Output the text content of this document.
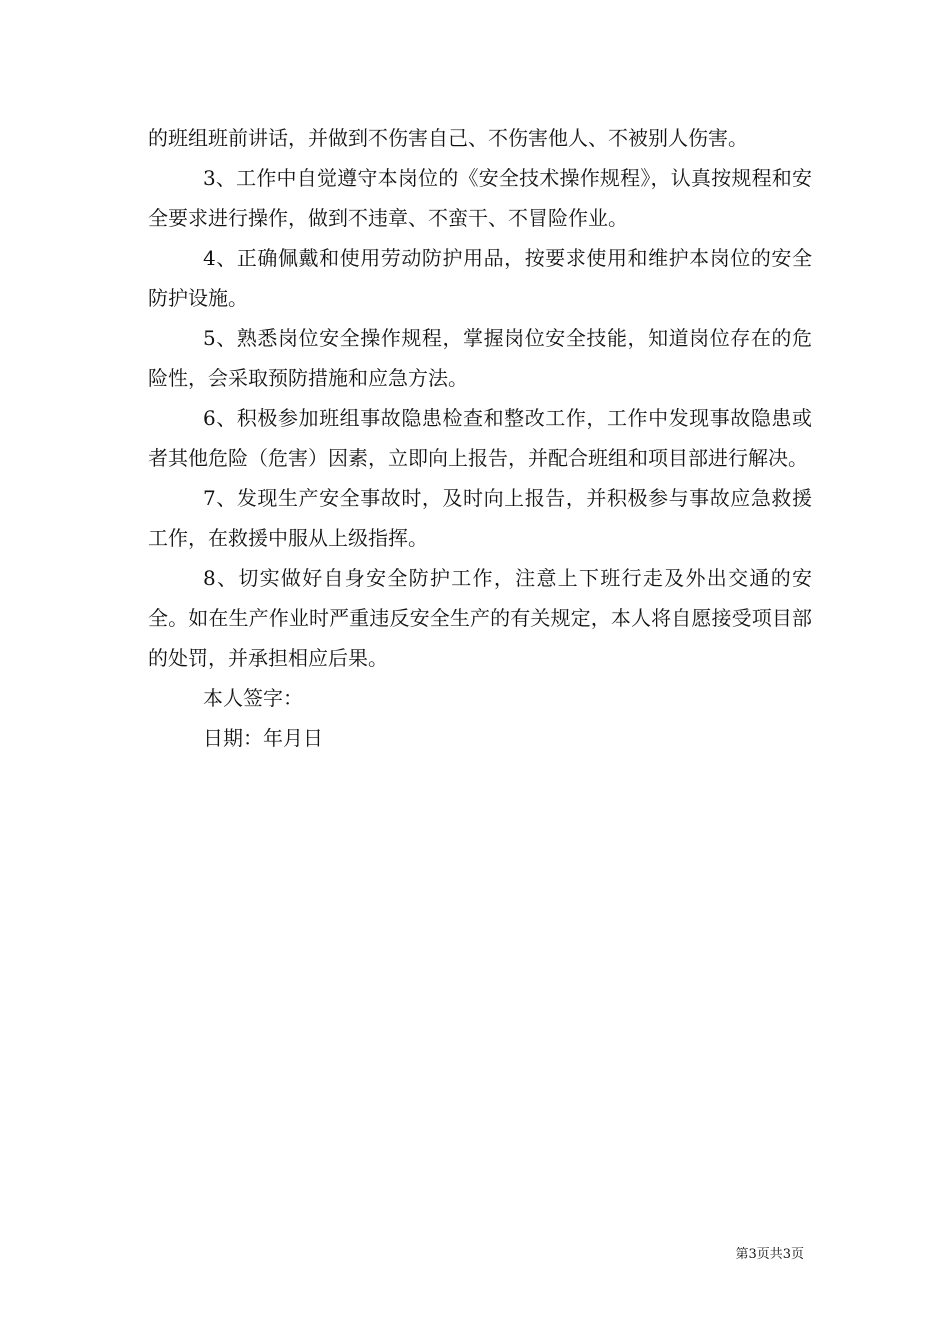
的班组班前讲话，并做到不伤害自己、不伤害他人、不被别人伤害。

3、工作中自觉遵守本岗位的《安全技术操作规程》，认真按规程和安全要求进行操作，做到不违章、不蛮干、不冒险作业。

4、正确佩戴和使用劳动防护用品，按要求使用和维护本岗位的安全防护设施。

5、熟悉岗位安全操作规程，掌握岗位安全技能，知道岗位存在的危险性，会采取预防措施和应急方法。

6、积极参加班组事故隐患检查和整改工作，工作中发现事故隐患或者其他危险（危害）因素，立即向上报告，并配合班组和项目部进行解决。

7、发现生产安全事故时，及时向上报告，并积极参与事故应急救援工作，在救援中服从上级指挥。

8、切实做好自身安全防护工作，注意上下班行走及外出交通的安全。如在生产作业时严重违反安全生产的有关规定，本人将自愿接受项目部的处罚，并承担相应后果。

本人签字：

日期：年月日

第3页共3页
